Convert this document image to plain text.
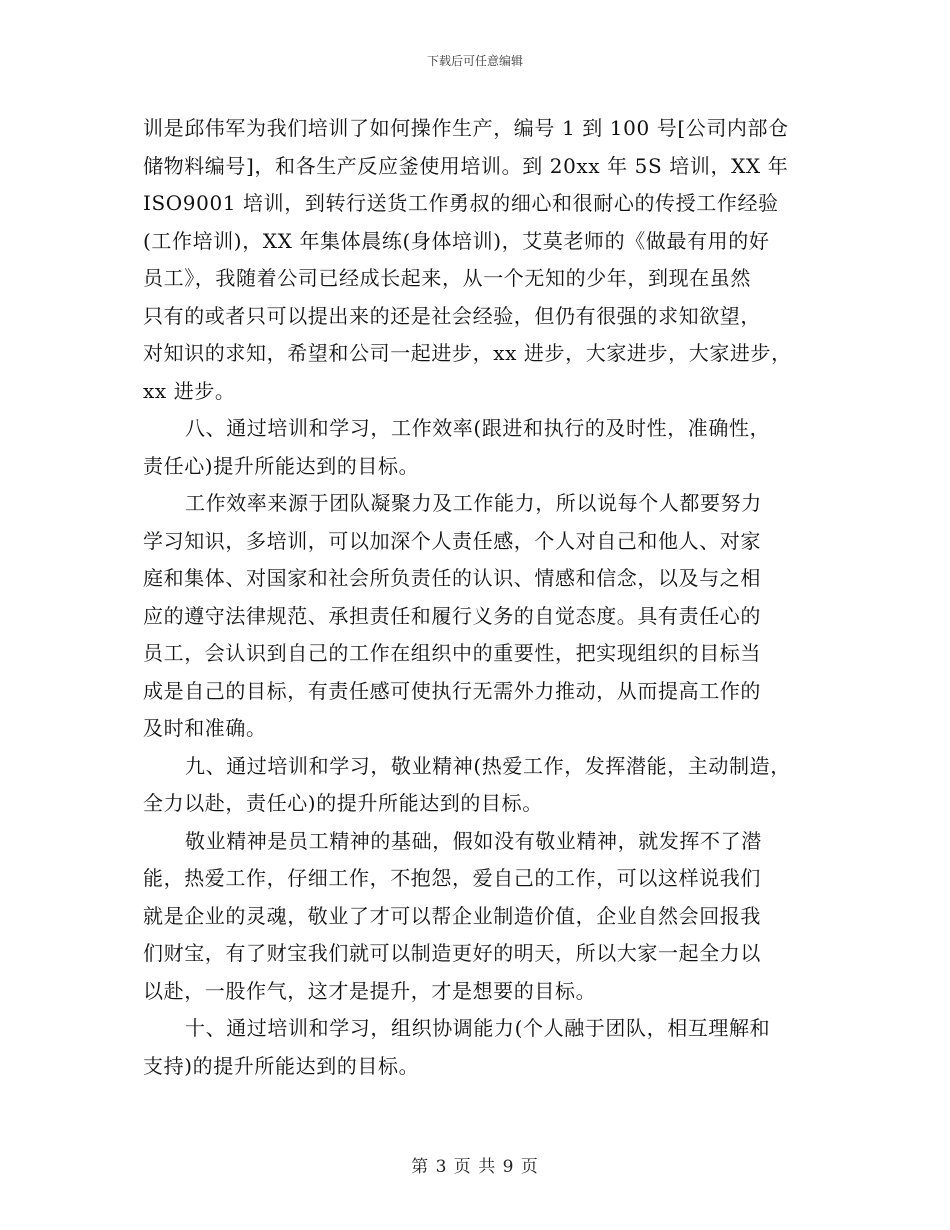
下载后可任意编辑
训是邱伟军为我们培训了如何操作生产，编号 1 到 100 号[公司内部仓
储物料编号]，和各生产反应釜使用培训。到 20xx 年 5S 培训，XX 年
ISO9001 培训，到转行送货工作勇叔的细心和很耐心的传授工作经验
(工作培训)，XX 年集体晨练(身体培训)，艾莫老师的《做最有用的好
员工》，我随着公司已经成长起来，从一个无知的少年，到现在虽然
只有的或者只可以提出来的还是社会经验，但仍有很强的求知欲望，
对知识的求知，希望和公司一起进步，xx 进步，大家进步，大家进步，
xx 进步。
八、通过培训和学习，工作效率(跟进和执行的及时性，准确性，
责任心)提升所能达到的目标。
工作效率来源于团队凝聚力及工作能力，所以说每个人都要努力
学习知识，多培训，可以加深个人责任感，个人对自己和他人、对家
庭和集体、对国家和社会所负责任的认识、情感和信念，以及与之相
应的遵守法律规范、承担责任和履行义务的自觉态度。具有责任心的
员工，会认识到自己的工作在组织中的重要性，把实现组织的目标当
成是自己的目标，有责任感可使执行无需外力推动，从而提高工作的
及时和准确。
九、通过培训和学习，敬业精神(热爱工作，发挥潜能，主动制造，
全力以赴，责任心)的提升所能达到的目标。
敬业精神是员工精神的基础，假如没有敬业精神，就发挥不了潜
能，热爱工作，仔细工作，不抱怨，爱自己的工作，可以这样说我们
就是企业的灵魂，敬业了才可以帮企业制造价值，企业自然会回报我
们财宝，有了财宝我们就可以制造更好的明天，所以大家一起全力以
以赴，一股作气，这才是提升，才是想要的目标。
十、通过培训和学习，组织协调能力(个人融于团队，相互理解和
支持)的提升所能达到的目标。
第 3 页 共 9 页
